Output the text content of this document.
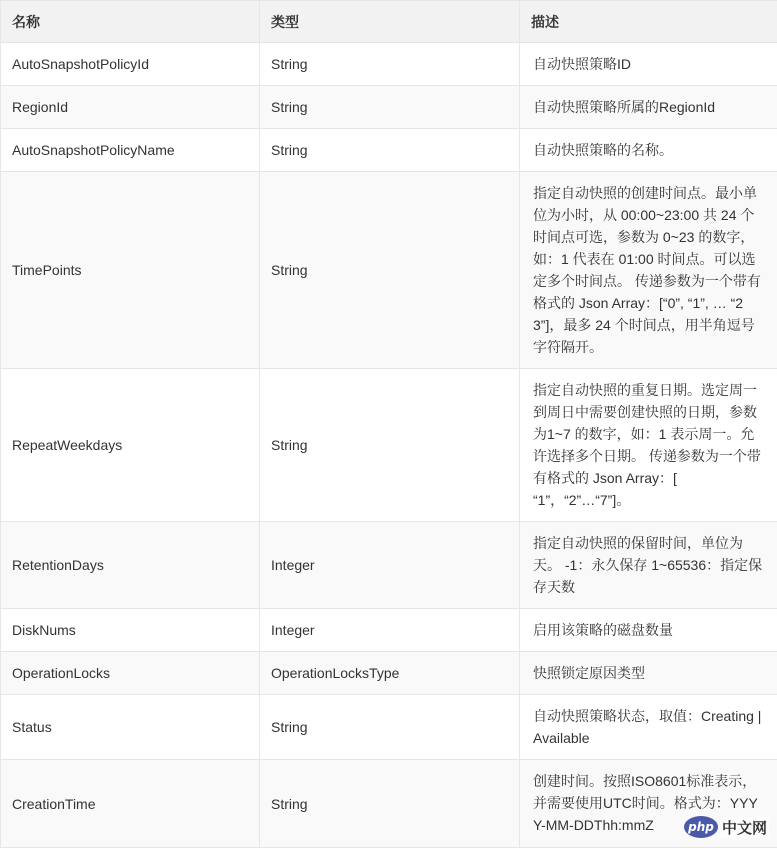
名称	类型	描述
AutoSnapshotPolicyId	String	自动快照策略ID
RegionId	String	自动快照策略所属的RegionId
AutoSnapshotPolicyName	String	自动快照策略的名称。
TimePoints	String	指定自动快照的创建时间点。最小单位为小时，从 00:00~23:00 共 24 个时间点可选，参数为 0~23 的数字，如：1 代表在 01:00 时间点。可以选定多个时间点。 传递参数为一个带有格式的 Json Array：[“0”, “1”, … “23”]，最多 24 个时间点，用半角逗号字符隔开。
RepeatWeekdays	String	指定自动快照的重复日期。选定周一到周日中需要创建快照的日期，参数为1~7 的数字，如：1 表示周一。允许选择多个日期。 传递参数为一个带有格式的 Json Array：[ “1”，“2”…“7”]。
RetentionDays	Integer	指定自动快照的保留时间，单位为天。 -1：永久保存 1~65536：指定保存天数
DiskNums	Integer	启用该策略的磁盘数量
OperationLocks	OperationLocksType	快照锁定原因类型
Status	String	自动快照策略状态，取值：Creating | Available
CreationTime	String	创建时间。按照ISO8601标准表示，并需要使用UTC时间。格式为：YYYY-MM-DDThh:mmZ	php 中文网
